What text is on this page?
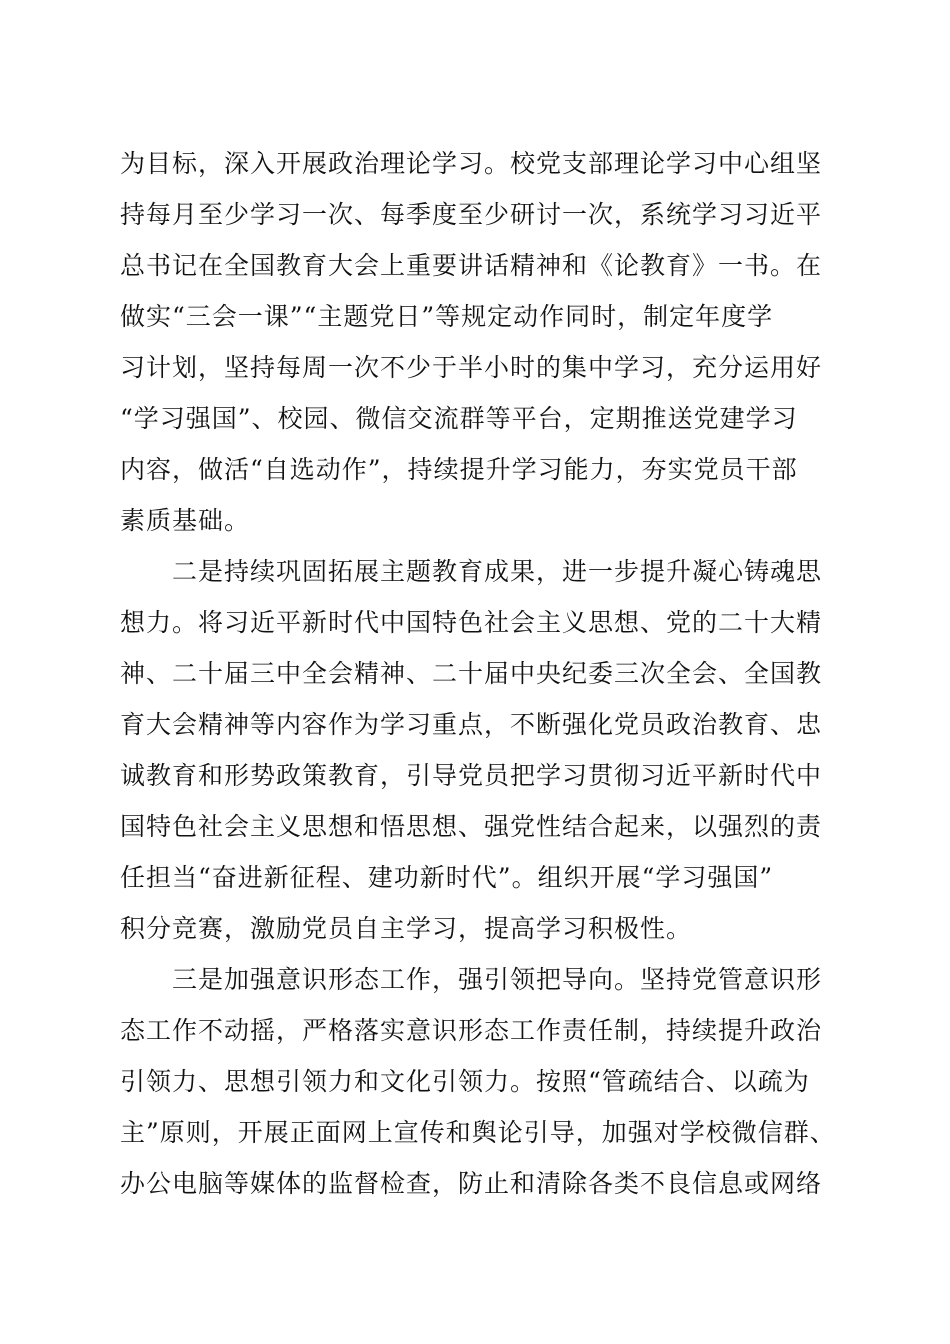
为目标，深入开展政治理论学习。校党支部理论学习中心组坚
持每月至少学习一次、每季度至少研讨一次，系统学习习近平
总书记在全国教育大会上重要讲话精神和《论教育》一书。在
做实“三会一课”“主题党日”等规定动作同时，制定年度学
习计划，坚持每周一次不少于半小时的集中学习，充分运用好
“学习强国”、校园、微信交流群等平台，定期推送党建学习
内容，做活“自选动作”，持续提升学习能力，夯实党员干部
素质基础。
二是持续巩固拓展主题教育成果，进一步提升凝心铸魂思
想力。将习近平新时代中国特色社会主义思想、党的二十大精
神、二十届三中全会精神、二十届中央纪委三次全会、全国教
育大会精神等内容作为学习重点，不断强化党员政治教育、忠
诚教育和形势政策教育，引导党员把学习贯彻习近平新时代中
国特色社会主义思想和悟思想、强党性结合起来，以强烈的责
任担当“奋进新征程、建功新时代”。组织开展“学习强国”
积分竞赛，激励党员自主学习，提高学习积极性。
三是加强意识形态工作，强引领把导向。坚持党管意识形
态工作不动摇，严格落实意识形态工作责任制，持续提升政治
引领力、思想引领力和文化引领力。按照“管疏结合、以疏为
主”原则，开展正面网上宣传和舆论引导，加强对学校微信群、
办公电脑等媒体的监督检查，防止和清除各类不良信息或网络
